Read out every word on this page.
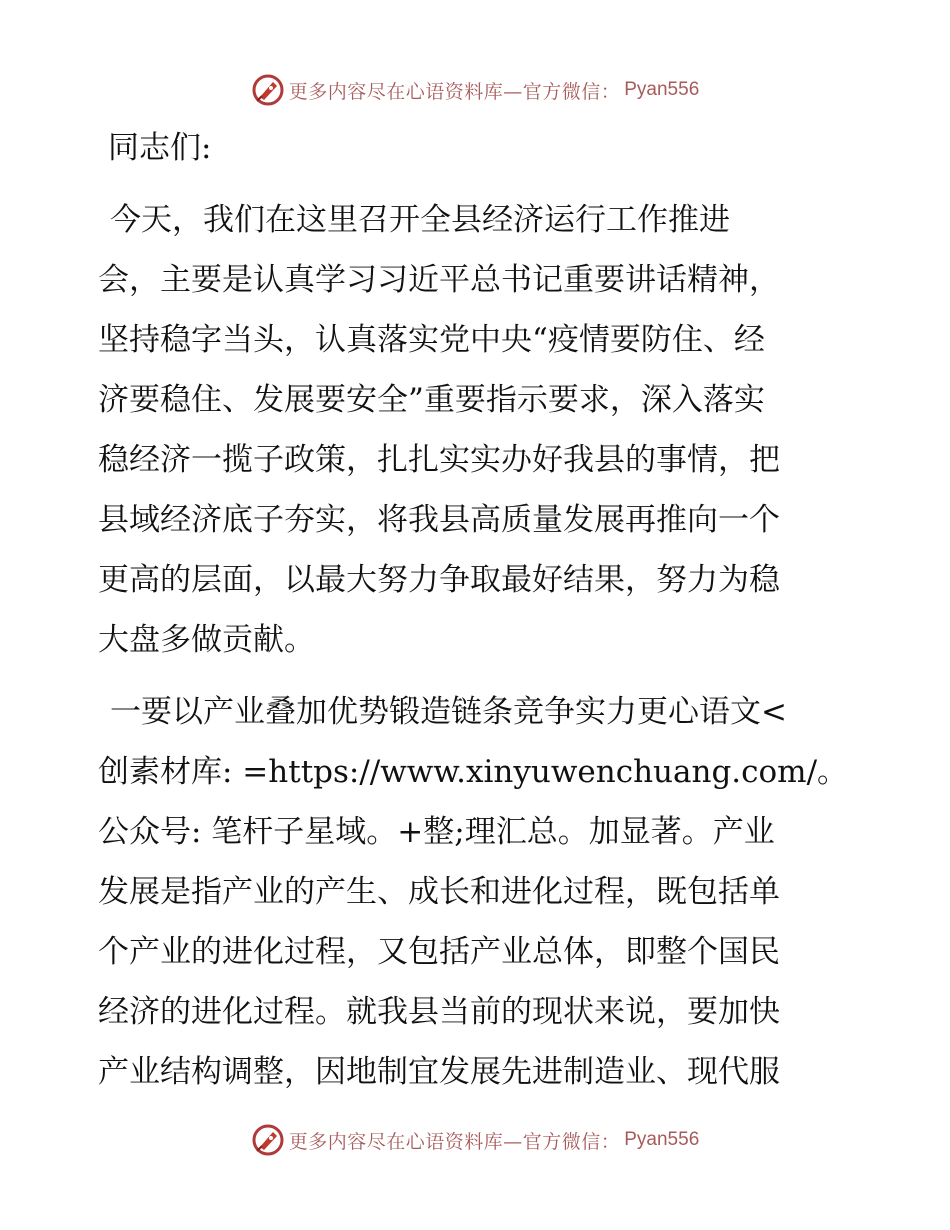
更多内容尽在心语资料库—官方微信： Pyan556
同志们:
今天，我们在这里召开全县经济运行工作推进
会，主要是认真学习习近平总书记重要讲话精神，
坚持稳字当头，认真落实党中央“疫情要防住、经
济要稳住、发展要安全”重要指示要求，深入落实
稳经济一揽子政策，扎扎实实办好我县的事情，把
县域经济底子夯实，将我县高质量发展再推向一个
更高的层面，以最大努力争取最好结果，努力为稳
大盘多做贡献。
一要以产业叠加优势锻造链条竞争实力更心语文<
创素材库: =https://www.xinyuwenchuang.com/。
公众号: 笔杆子星域。+整;理汇总。加显著。产业
发展是指产业的产生、成长和进化过程，既包括单
个产业的进化过程，又包括产业总体，即整个国民
经济的进化过程。就我县当前的现状来说，要加快
产业结构调整，因地制宜发展先进制造业、现代服
更多内容尽在心语资料库—官方微信： Pyan556
